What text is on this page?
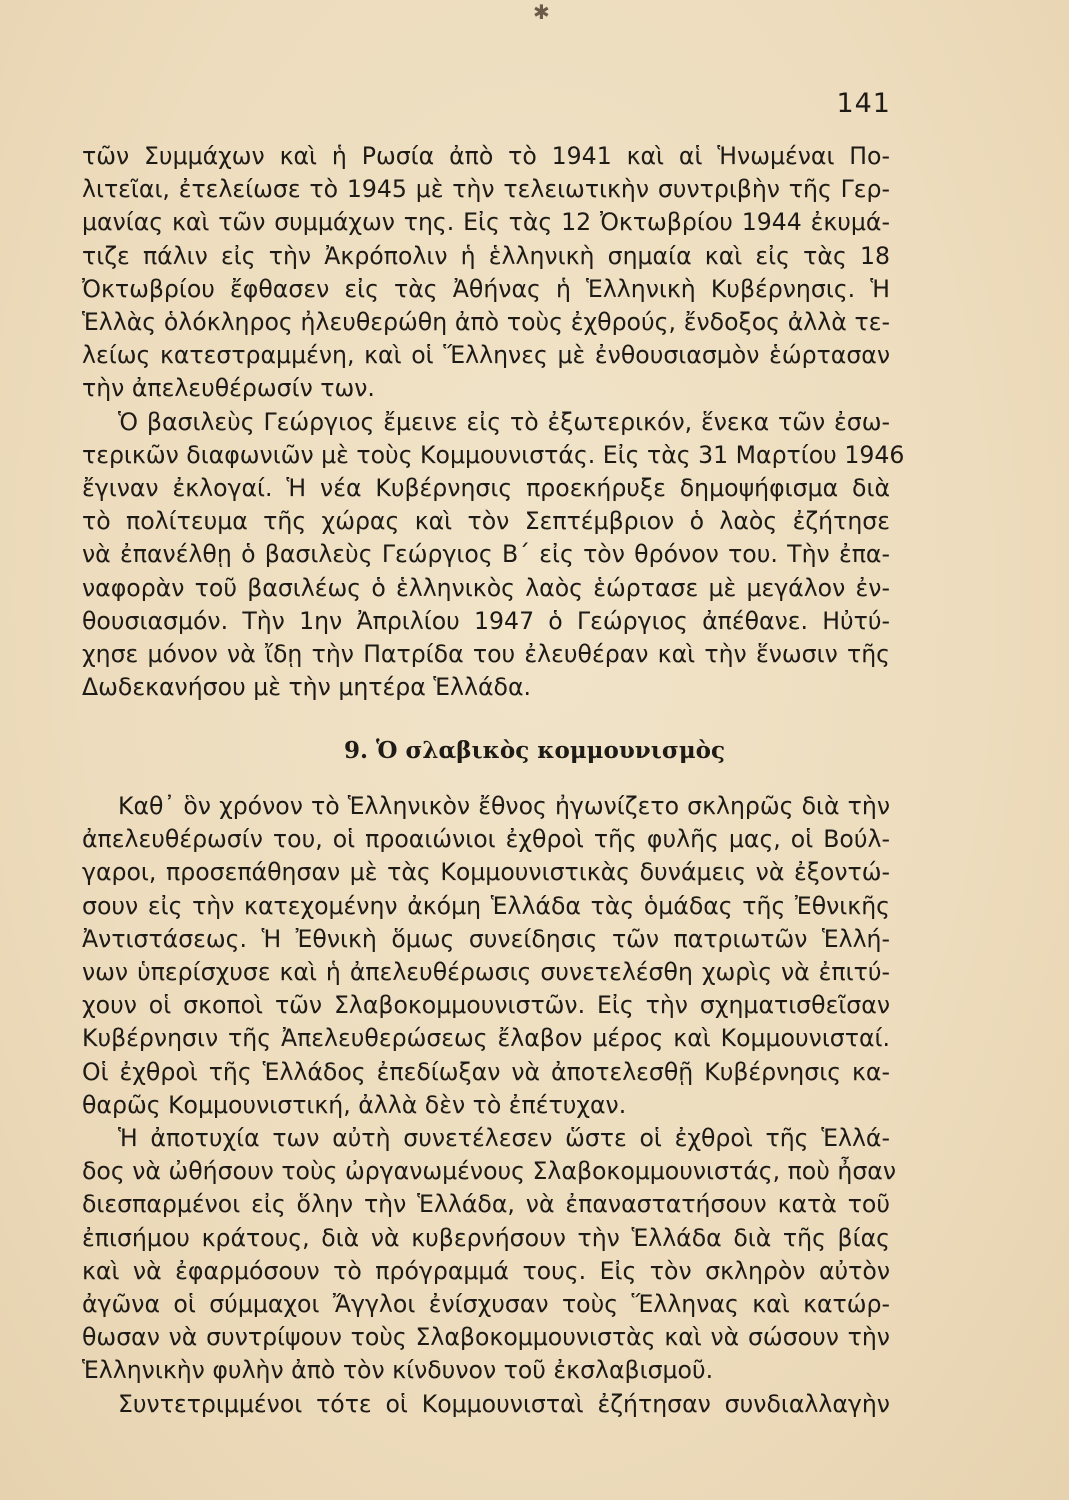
✱
141
τῶν Συμμάχων καὶ ἡ Ρωσία ἀπὸ τὸ 1941 καὶ αἱ Ἡνωμέναι Πο-
λιτεῖαι, ἐτελείωσε τὸ 1945 μὲ τὴν τελειωτικὴν συντριβὴν τῆς Γερ-
μανίας καὶ τῶν συμμάχων της. Εἰς τὰς 12 Ὀκτωβρίου 1944 ἐκυμά-
τιζε πάλιν εἰς τὴν Ἀκρόπολιν ἡ ἑλληνικὴ σημαία καὶ εἰς τὰς 18
Ὀκτωβρίου ἔφθασεν εἰς τὰς Ἀθήνας ἡ Ἑλληνικὴ Κυβέρνησις. Ἡ
Ἑλλὰς ὁλόκληρος ἠλευθερώθη ἀπὸ τοὺς ἐχθρούς, ἔνδοξος ἀλλὰ τε-
λείως κατεστραμμένη, καὶ οἱ Ἕλληνες μὲ ἐνθουσιασμὸν ἑώρτασαν
τὴν ἀπελευθέρωσίν των.
Ὁ βασιλεὺς Γεώργιος ἔμεινε εἰς τὸ ἐξωτερικόν, ἕνεκα τῶν ἐσω-
τερικῶν διαφωνιῶν μὲ τοὺς Κομμουνιστάς. Εἰς τὰς 31 Μαρτίου 1946
ἔγιναν ἐκλογαί. Ἡ νέα Κυβέρνησις προεκήρυξε δημοψήφισμα διὰ
τὸ πολίτευμα τῆς χώρας καὶ τὸν Σεπτέμβριον ὁ λαὸς ἐζήτησε
νὰ ἐπανέλθῃ ὁ βασιλεὺς Γεώργιος Β΄ εἰς τὸν θρόνον του. Τὴν ἐπα-
ναφορὰν τοῦ βασιλέως ὁ ἑλληνικὸς λαὸς ἑώρτασε μὲ μεγάλον ἐν-
θουσιασμόν. Τὴν 1ην Ἀπριλίου 1947 ὁ Γεώργιος ἀπέθανε. Ηὐτύ-
χησε μόνον νὰ ἴδῃ τὴν Πατρίδα του ἐλευθέραν καὶ τὴν ἕνωσιν τῆς
Δωδεκανήσου μὲ τὴν μητέρα Ἑλλάδα.
9. Ὁ σλαβικὸς κομμουνισμὸς
Καθ᾽ ὃν χρόνον τὸ Ἑλληνικὸν ἔθνος ἠγωνίζετο σκληρῶς διὰ τὴν
ἀπελευθέρωσίν του, οἱ προαιώνιοι ἐχθροὶ τῆς φυλῆς μας, οἱ Βούλ-
γαροι, προσεπάθησαν μὲ τὰς Κομμουνιστικὰς δυνάμεις νὰ ἐξοντώ-
σουν εἰς τὴν κατεχομένην ἀκόμη Ἑλλάδα τὰς ὁμάδας τῆς Ἐθνικῆς
Ἀντιστάσεως. Ἡ Ἐθνικὴ ὅμως συνείδησις τῶν πατριωτῶν Ἑλλή-
νων ὑπερίσχυσε καὶ ἡ ἀπελευθέρωσις συνετελέσθη χωρὶς νὰ ἐπιτύ-
χουν οἱ σκοποὶ τῶν Σλαβοκομμουνιστῶν. Εἰς τὴν σχηματισθεῖσαν
Κυβέρνησιν τῆς Ἀπελευθερώσεως ἔλαβον μέρος καὶ Κομμουνισταί.
Οἱ ἐχθροὶ τῆς Ἑλλάδος ἐπεδίωξαν νὰ ἀποτελεσθῇ Κυβέρνησις κα-
θαρῶς Κομμουνιστική, ἀλλὰ δὲν τὸ ἐπέτυχαν.
Ἡ ἀποτυχία των αὐτὴ συνετέλεσεν ὥστε οἱ ἐχθροὶ τῆς Ἑλλά-
δος νὰ ὠθήσουν τοὺς ὠργανωμένους Σλαβοκομμουνιστάς, ποὺ ἦσαν
διεσπαρμένοι εἰς ὅλην τὴν Ἑλλάδα, νὰ ἐπαναστατήσουν κατὰ τοῦ
ἐπισήμου κράτους, διὰ νὰ κυβερνήσουν τὴν Ἑλλάδα διὰ τῆς βίας
καὶ νὰ ἐφαρμόσουν τὸ πρόγραμμά τους. Εἰς τὸν σκληρὸν αὐτὸν
ἀγῶνα οἱ σύμμαχοι Ἄγγλοι ἐνίσχυσαν τοὺς Ἕλληνας καὶ κατώρ-
θωσαν νὰ συντρίψουν τοὺς Σλαβοκομμουνιστὰς καὶ νὰ σώσουν τὴν
Ἑλληνικὴν φυλὴν ἀπὸ τὸν κίνδυνον τοῦ ἐκσλαβισμοῦ.
Συντετριμμένοι τότε οἱ Κομμουνισταὶ ἐζήτησαν συνδιαλλαγὴν
